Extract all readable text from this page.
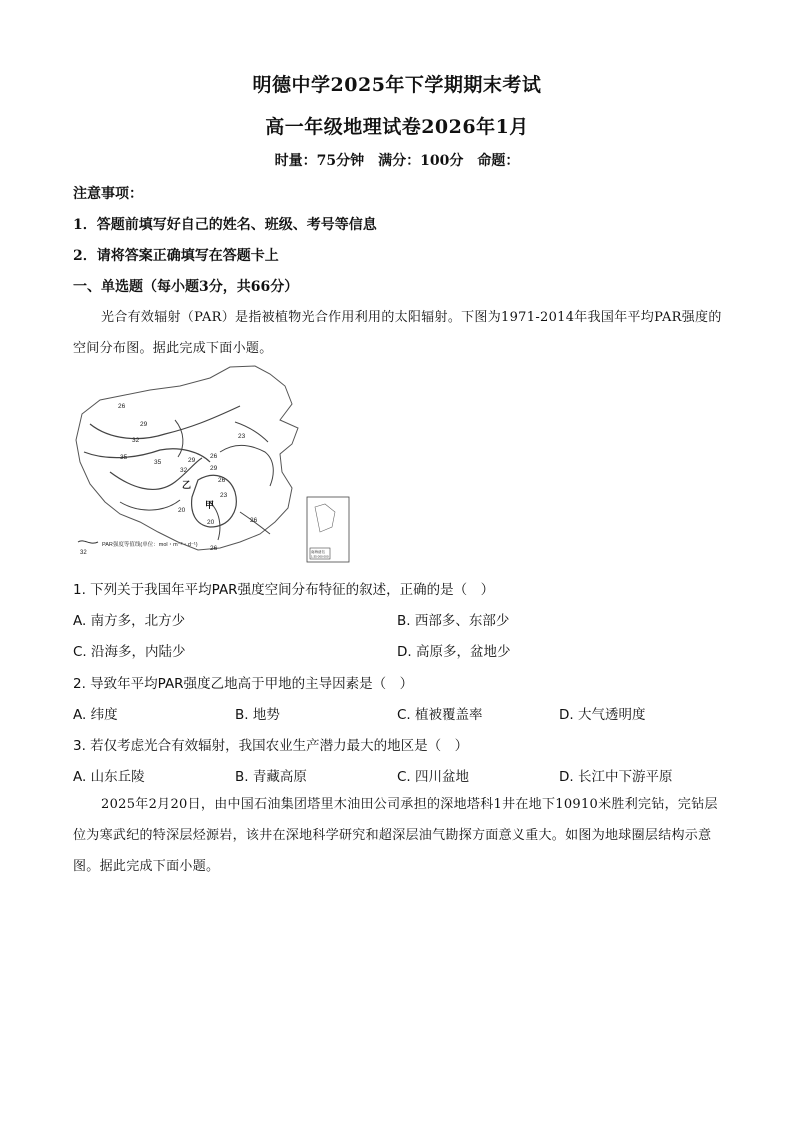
明德中学2025年下学期期末考试
高一年级地理试卷2026年1月
时量：75分钟　满分：100分　命题：
注意事项：
1．答题前填写好自己的姓名、班级、考号等信息
2．请将答案正确填写在答题卡上
一、单选题（每小题3分，共66分）
光合有效辐射（PAR）是指被植物光合作用利用的太阳辐射。下图为1971-2014年我国年平均PAR强度的空间分布图。据此完成下面小题。
26
29
32
35
35
32
29
26
29
26
23
23
20	26
26
20 甲
乙
32
PAR强度等值线(单位：mol・m⁻²・d⁻¹)
南海诸岛
1:35 000 000
1. 下列关于我国年平均PAR强度空间分布特征的叙述，正确的是（　）
A. 南方多，北方少	B. 西部多、东部少
C. 沿海多，内陆少	D. 高原多，盆地少
2. 导致年平均PAR强度乙地高于甲地的主导因素是（　）
A. 纬度	B. 地势	C. 植被覆盖率	D. 大气透明度
3. 若仅考虑光合有效辐射，我国农业生产潜力最大的地区是（　）
A. 山东丘陵	B. 青藏高原	C. 四川盆地	D. 长江中下游平原
2025年2月20日，由中国石油集团塔里木油田公司承担的深地塔科1井在地下10910米胜利完钻，完钻层位为寒武纪的特深层烃源岩，该井在深地科学研究和超深层油气勘探方面意义重大。如图为地球圈层结构示意图。据此完成下面小题。
